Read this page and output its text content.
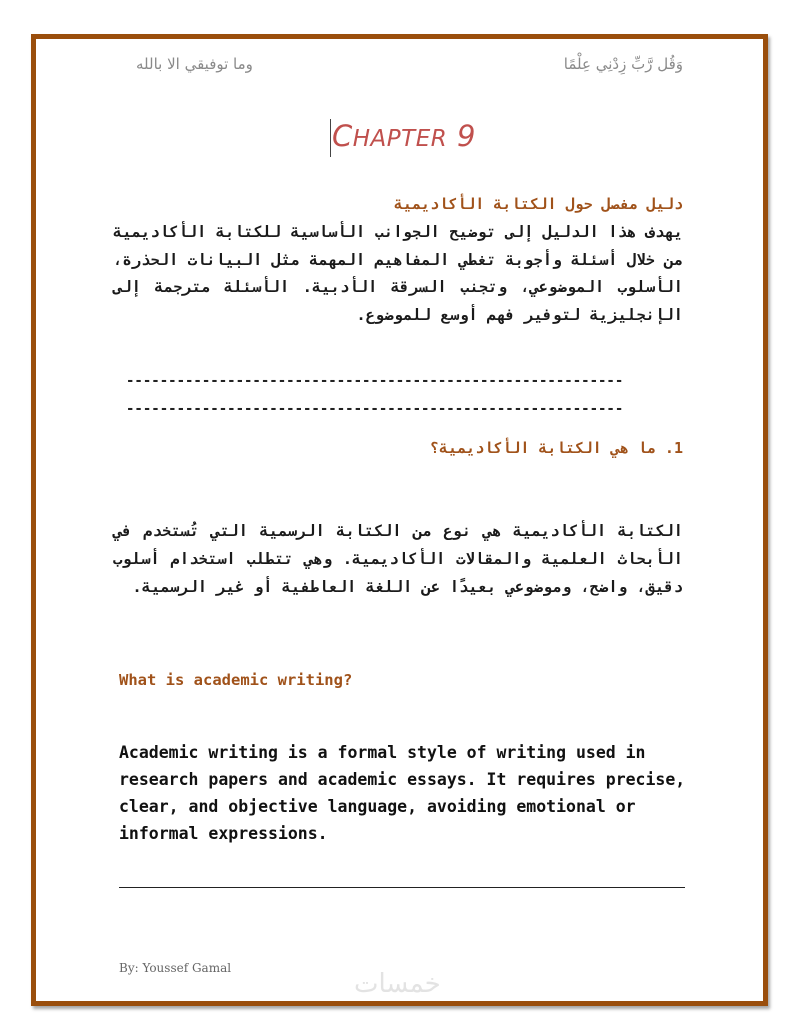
وَقُل رَّبِّ زِدْنِي عِلْمًا
وما توفيقي الا بالله
CHAPTER 9
دليل مفصل حول الكتابة الأكاديمية
يهدف هذا الدليل إلى توضيح الجوانب الأساسية للكتابة الأكاديمية من خلال أسئلة وأجوبة تغطي المفاهيم المهمة مثل البيانات الحذرة، الأسلوب الموضوعي، وتجنب السرقة الأدبية. الأسئلة مترجمة إلى الإنجليزية لتوفير فهم أوسع للموضوع.
-----------------------------------------------------------
-----------------------------------------------------------
1. ما هي الكتابة الأكاديمية؟
الكتابة الأكاديمية هي نوع من الكتابة الرسمية التي تُستخدم في الأبحاث العلمية والمقالات الأكاديمية. وهي تتطلب استخدام أسلوب دقيق، واضح، وموضوعي بعيدًا عن اللغة العاطفية أو غير الرسمية.
What is academic writing?
Academic writing is a formal style of writing used in research papers and academic essays. It requires precise, clear, and objective language, avoiding emotional or informal expressions.
By: Youssef Gamal
خمسات
